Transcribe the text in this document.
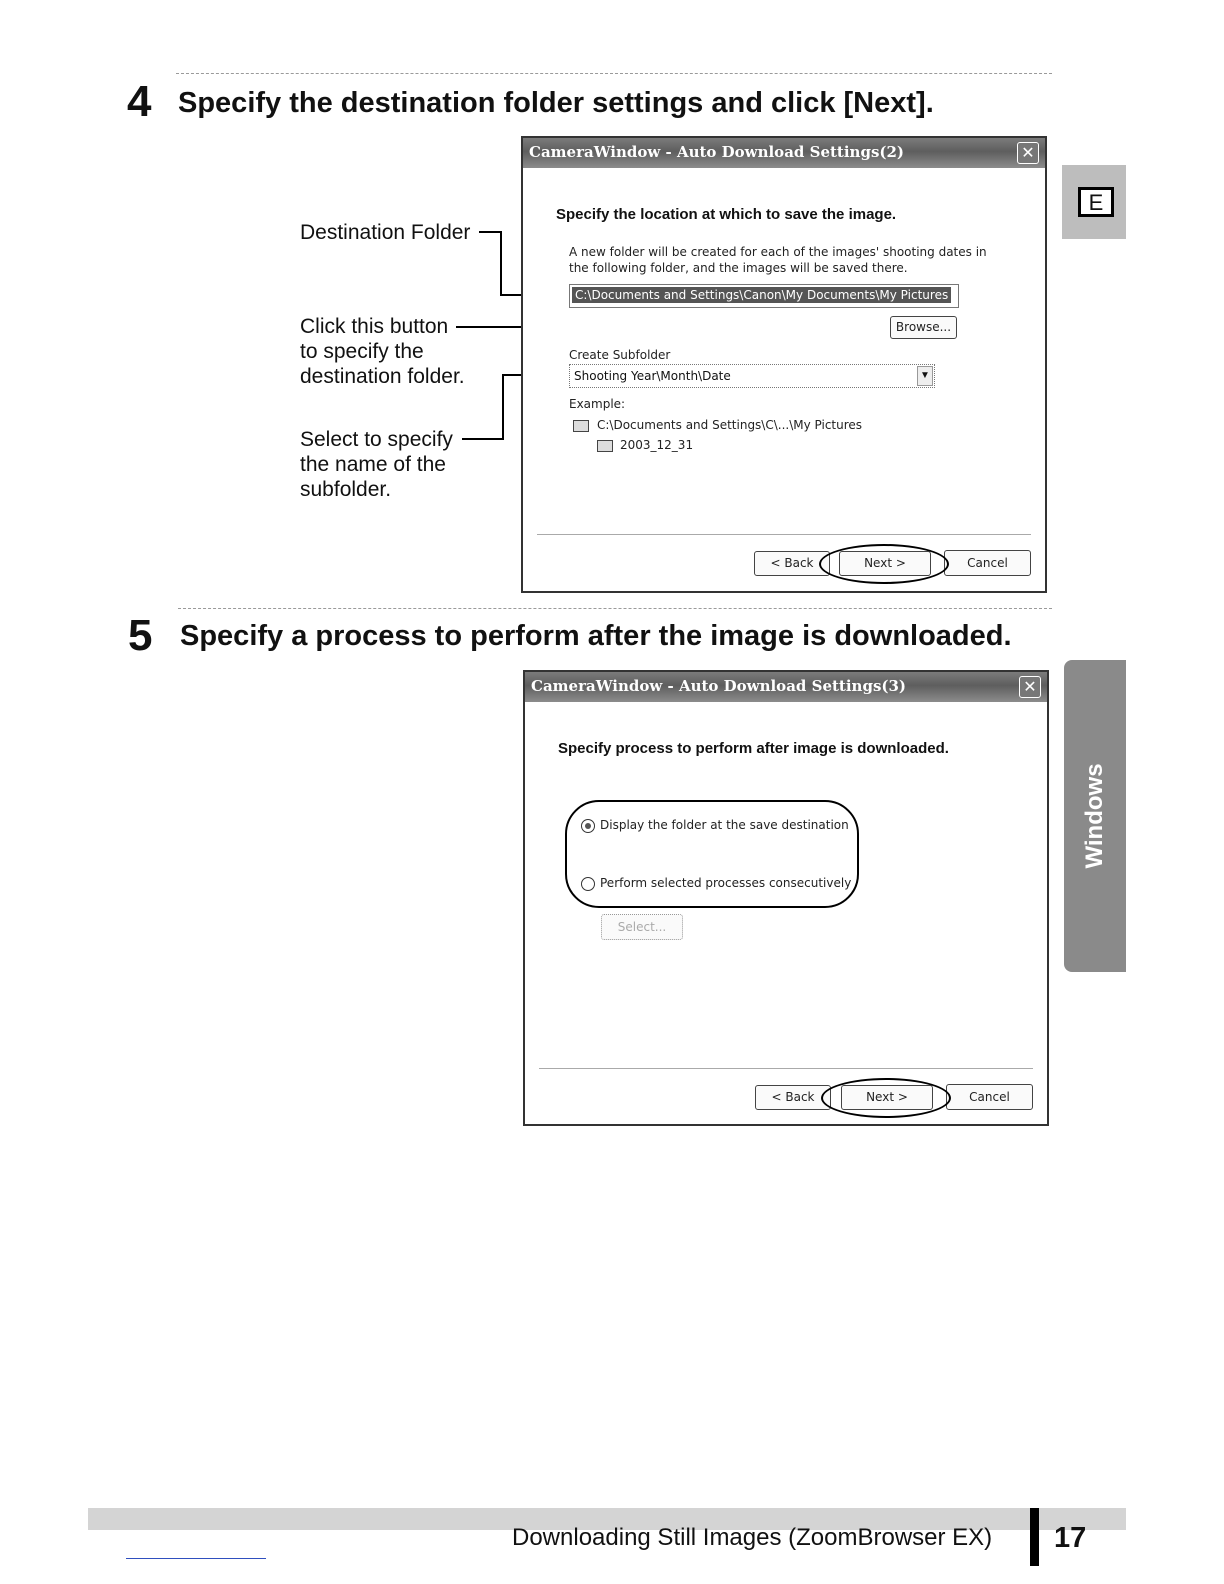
4 Specify the destination folder settings and click [Next].
Destination Folder
Click this button
to specify the
destination folder.
Select to specify
the name of the
subfolder.
CameraWindow - Auto Download Settings(2)	✕
Specify the location at which to save the image.
A new folder will be created for each of the images' shooting dates in
the following folder, and the images will be saved there.
C:\Documents and Settings\Canon\My Documents\My Pictures
Browse...
Create Subfolder
Shooting Year\Month\Date	▼
Example:
C:\Documents and Settings\C\...\My Pictures
2003_12_31
< Back	Next >	Cancel
5 Specify a process to perform after the image is downloaded.
CameraWindow - Auto Download Settings(3)	✕
Specify process to perform after image is downloaded.
Display the folder at the save destination
Perform selected processes consecutively
Select...
< Back	Next >	Cancel
E
Windows
Downloading Still Images (ZoomBrowser EX) 17
